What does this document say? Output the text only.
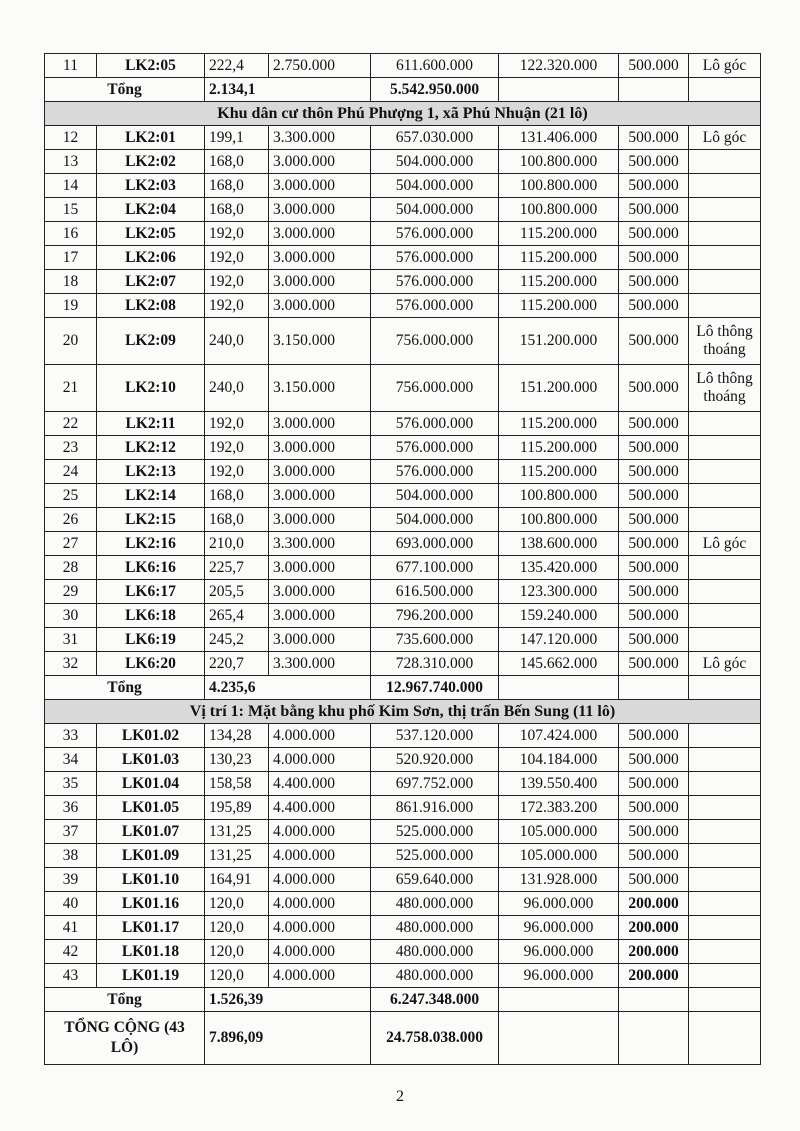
11	LK2:05	222,4	2.750.000	611.600.000	122.320.000	500.000	Lô góc
Tổng		2.134,1		5.542.950.000			
Khu dân cư thôn Phú Phượng 1, xã Phú Nhuận (21 lô)							
12	LK2:01	199,1	3.300.000	657.030.000	131.406.000	500.000	Lô góc
13	LK2:02	168,0	3.000.000	504.000.000	100.800.000	500.000	
14	LK2:03	168,0	3.000.000	504.000.000	100.800.000	500.000	
15	LK2:04	168,0	3.000.000	504.000.000	100.800.000	500.000	
16	LK2:05	192,0	3.000.000	576.000.000	115.200.000	500.000	
17	LK2:06	192,0	3.000.000	576.000.000	115.200.000	500.000	
18	LK2:07	192,0	3.000.000	576.000.000	115.200.000	500.000	
19	LK2:08	192,0	3.000.000	576.000.000	115.200.000	500.000	
20	LK2:09	240,0	3.150.000	756.000.000	151.200.000	500.000	Lô thông thoáng
21	LK2:10	240,0	3.150.000	756.000.000	151.200.000	500.000	Lô thông thoáng
22	LK2:11	192,0	3.000.000	576.000.000	115.200.000	500.000	
23	LK2:12	192,0	3.000.000	576.000.000	115.200.000	500.000	
24	LK2:13	192,0	3.000.000	576.000.000	115.200.000	500.000	
25	LK2:14	168,0	3.000.000	504.000.000	100.800.000	500.000	
26	LK2:15	168,0	3.000.000	504.000.000	100.800.000	500.000	
27	LK2:16	210,0	3.300.000	693.000.000	138.600.000	500.000	Lô góc
28	LK6:16	225,7	3.000.000	677.100.000	135.420.000	500.000	
29	LK6:17	205,5	3.000.000	616.500.000	123.300.000	500.000	
30	LK6:18	265,4	3.000.000	796.200.000	159.240.000	500.000	
31	LK6:19	245,2	3.000.000	735.600.000	147.120.000	500.000	
32	LK6:20	220,7	3.300.000	728.310.000	145.662.000	500.000	Lô góc
Tổng		4.235,6		12.967.740.000			
Vị trí 1: Mặt bằng khu phố Kim Sơn, thị trấn Bến Sung (11 lô)							
33	LK01.02	134,28	4.000.000	537.120.000	107.424.000	500.000	
34	LK01.03	130,23	4.000.000	520.920.000	104.184.000	500.000	
35	LK01.04	158,58	4.400.000	697.752.000	139.550.400	500.000	
36	LK01.05	195,89	4.400.000	861.916.000	172.383.200	500.000	
37	LK01.07	131,25	4.000.000	525.000.000	105.000.000	500.000	
38	LK01.09	131,25	4.000.000	525.000.000	105.000.000	500.000	
39	LK01.10	164,91	4.000.000	659.640.000	131.928.000	500.000	
40	LK01.16	120,0	4.000.000	480.000.000	96.000.000	200.000	
41	LK01.17	120,0	4.000.000	480.000.000	96.000.000	200.000	
42	LK01.18	120,0	4.000.000	480.000.000	96.000.000	200.000	
43	LK01.19	120,0	4.000.000	480.000.000	96.000.000	200.000	
Tổng		1.526,39		6.247.348.000			
TỔNG CỘNG (43 LÔ)		7.896,09		24.758.038.000			
2
